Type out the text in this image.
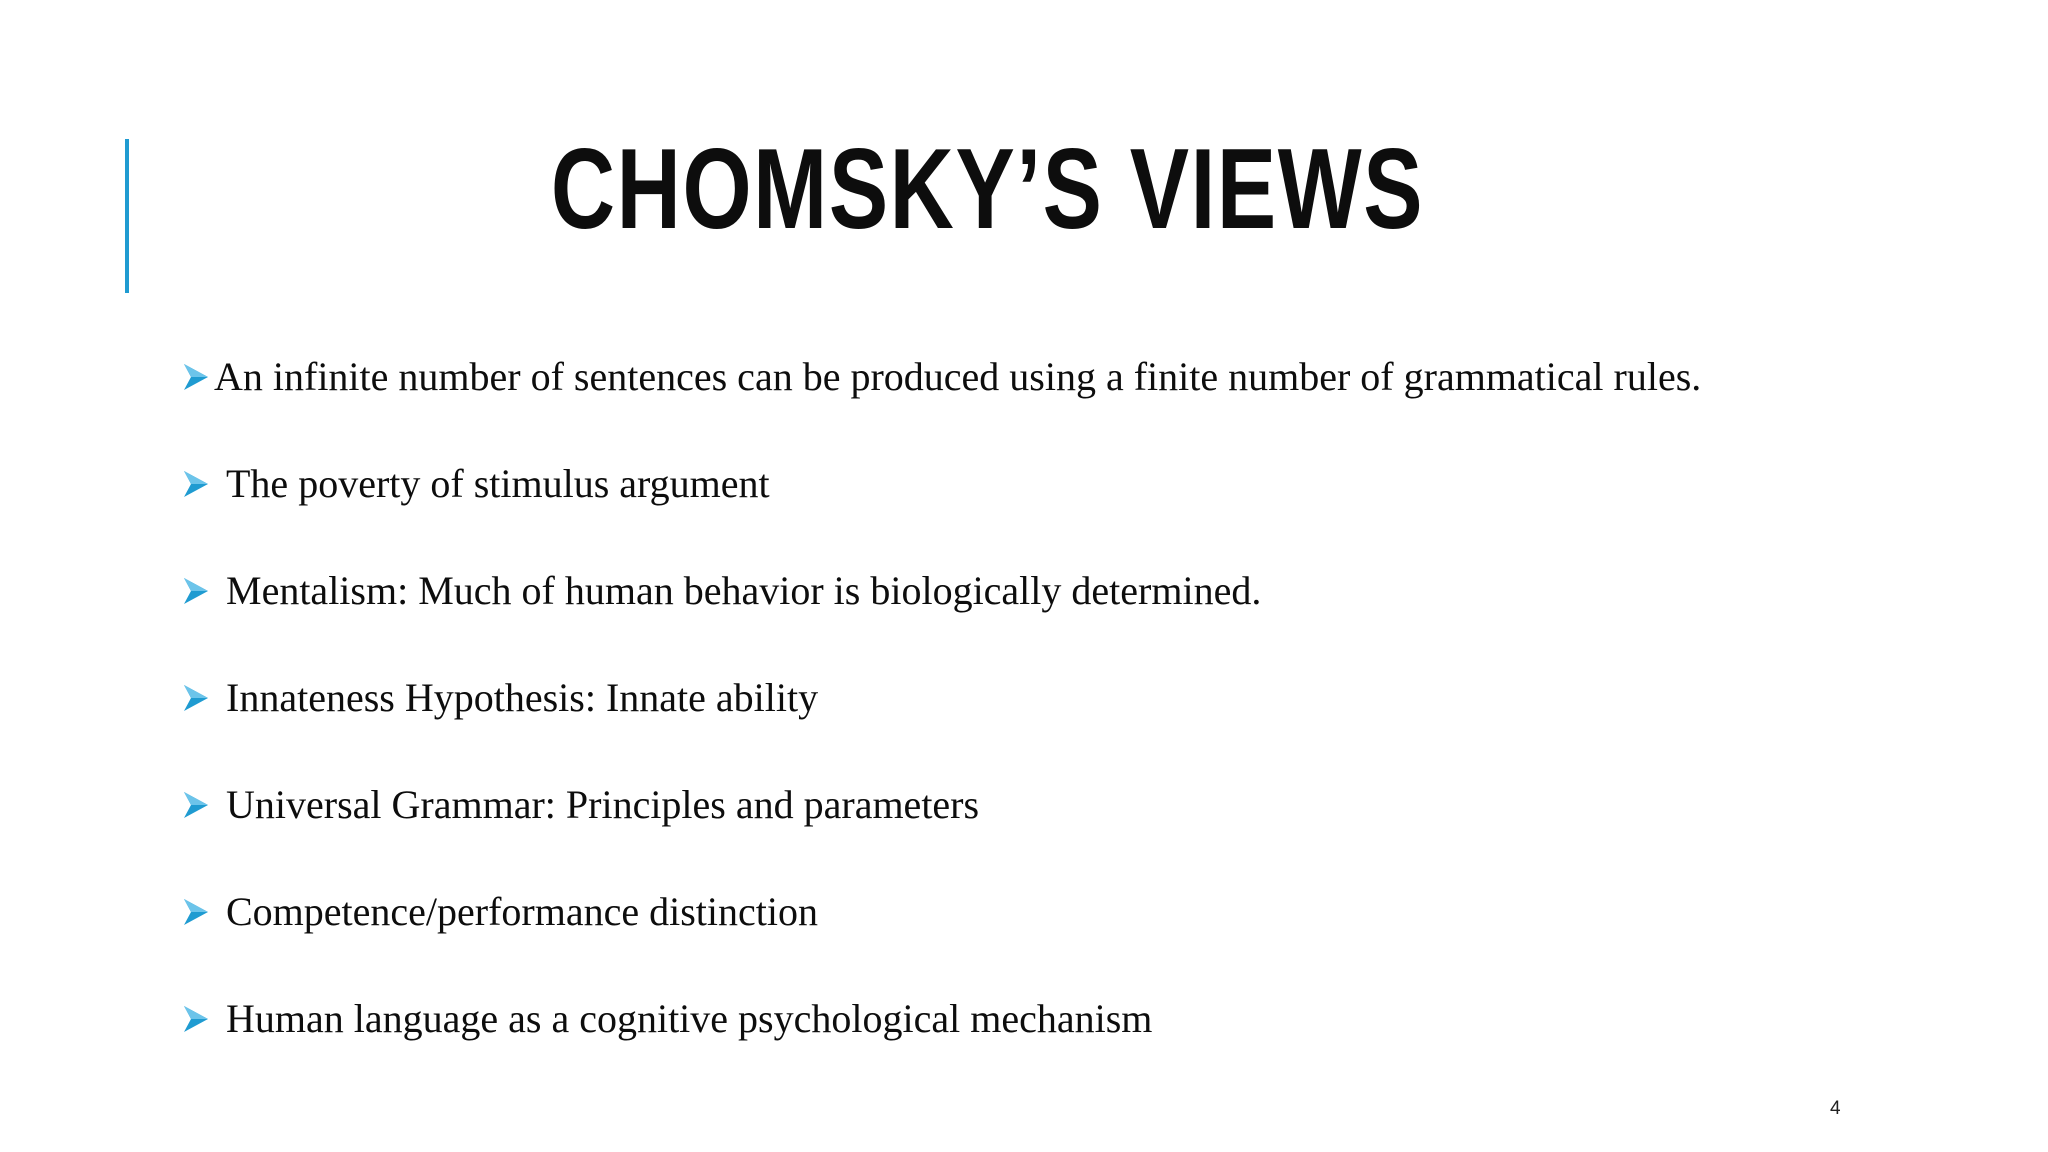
CHOMSKY’S VIEWS
An infinite number of sentences can be produced using a finite number of grammatical rules.
The poverty of stimulus argument
Mentalism: Much of human behavior is biologically determined.
Innateness Hypothesis: Innate ability
Universal Grammar: Principles and parameters
Competence/performance distinction
Human language as a cognitive psychological mechanism
4
